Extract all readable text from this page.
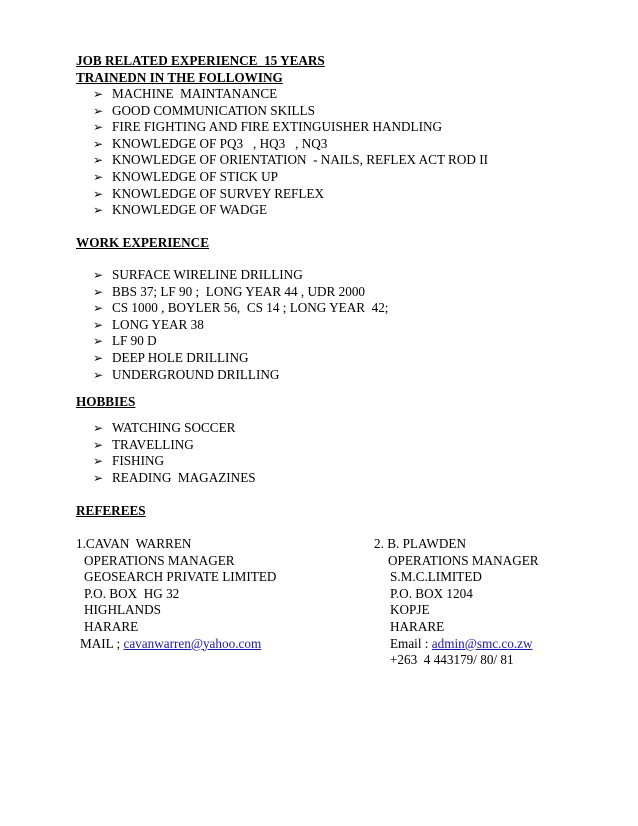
JOB RELATED EXPERIENCE  15 YEARS
TRAINEDN IN THE FOLLOWING
➢ MACHINE  MAINTANANCE
➢ GOOD COMMUNICATION SKILLS
➢ FIRE FIGHTING AND FIRE EXTINGUISHER HANDLING
➢ KNOWLEDGE OF PQ3   , HQ3   , NQ3
➢ KNOWLEDGE OF ORIENTATION  - NAILS, REFLEX ACT ROD II
➢ KNOWLEDGE OF STICK UP
➢ KNOWLEDGE OF SURVEY REFLEX
➢ KNOWLEDGE OF WADGE
WORK EXPERIENCE
➢ SURFACE WIRELINE DRILLING
➢ BBS 37; LF 90 ;  LONG YEAR 44 , UDR 2000
➢ CS 1000 , BOYLER 56,  CS 14 ; LONG YEAR  42;
➢ LONG YEAR 38
➢ LF 90 D
➢ DEEP HOLE DRILLING
➢ UNDERGROUND DRILLING
HOBBIES
➢ WATCHING SOCCER
➢ TRAVELLING
➢ FISHING
➢ READING  MAGAZINES
REFEREES
1.CAVAN  WARREN
OPERATIONS MANAGER
GEOSEARCH PRIVATE LIMITED
P.O. BOX  HG 32
HIGHLANDS
HARARE
MAIL ; cavanwarren@yahoo.com
2. B. PLAWDEN
OPERATIONS MANAGER
S.M.C.LIMITED
P.O. BOX 1204
KOPJE
HARARE
Email : admin@smc.co.zw
+263  4 443179/ 80/ 81
